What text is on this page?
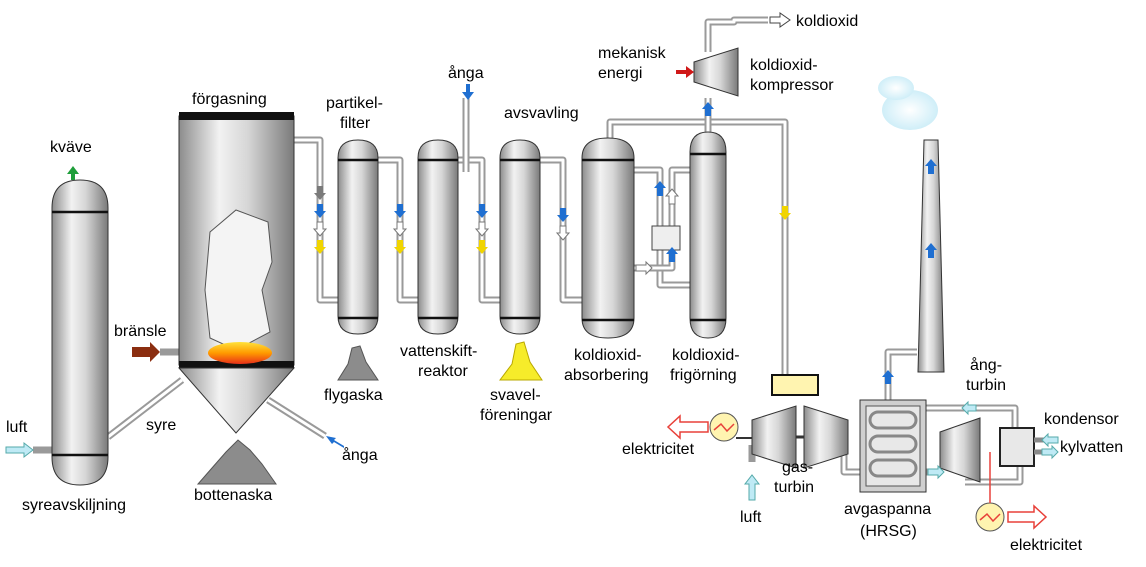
kväve
syreavskiljning
luft	syre
bränsle
förgasning
bottenaska
ånga
partikel-
filter
flygaska
ånga
vattenskift-
reaktor
avsvavling
svavel-
föreningar
mekanisk
energi
koldioxid
koldioxid-
kompressor
koldioxid-
absorbering
koldioxid-
frigörning
elektricitet
gas-
turbin
luft	avgaspanna
(HRSG)
ång-
turbin
kondensor
kylvatten
elektricitet
